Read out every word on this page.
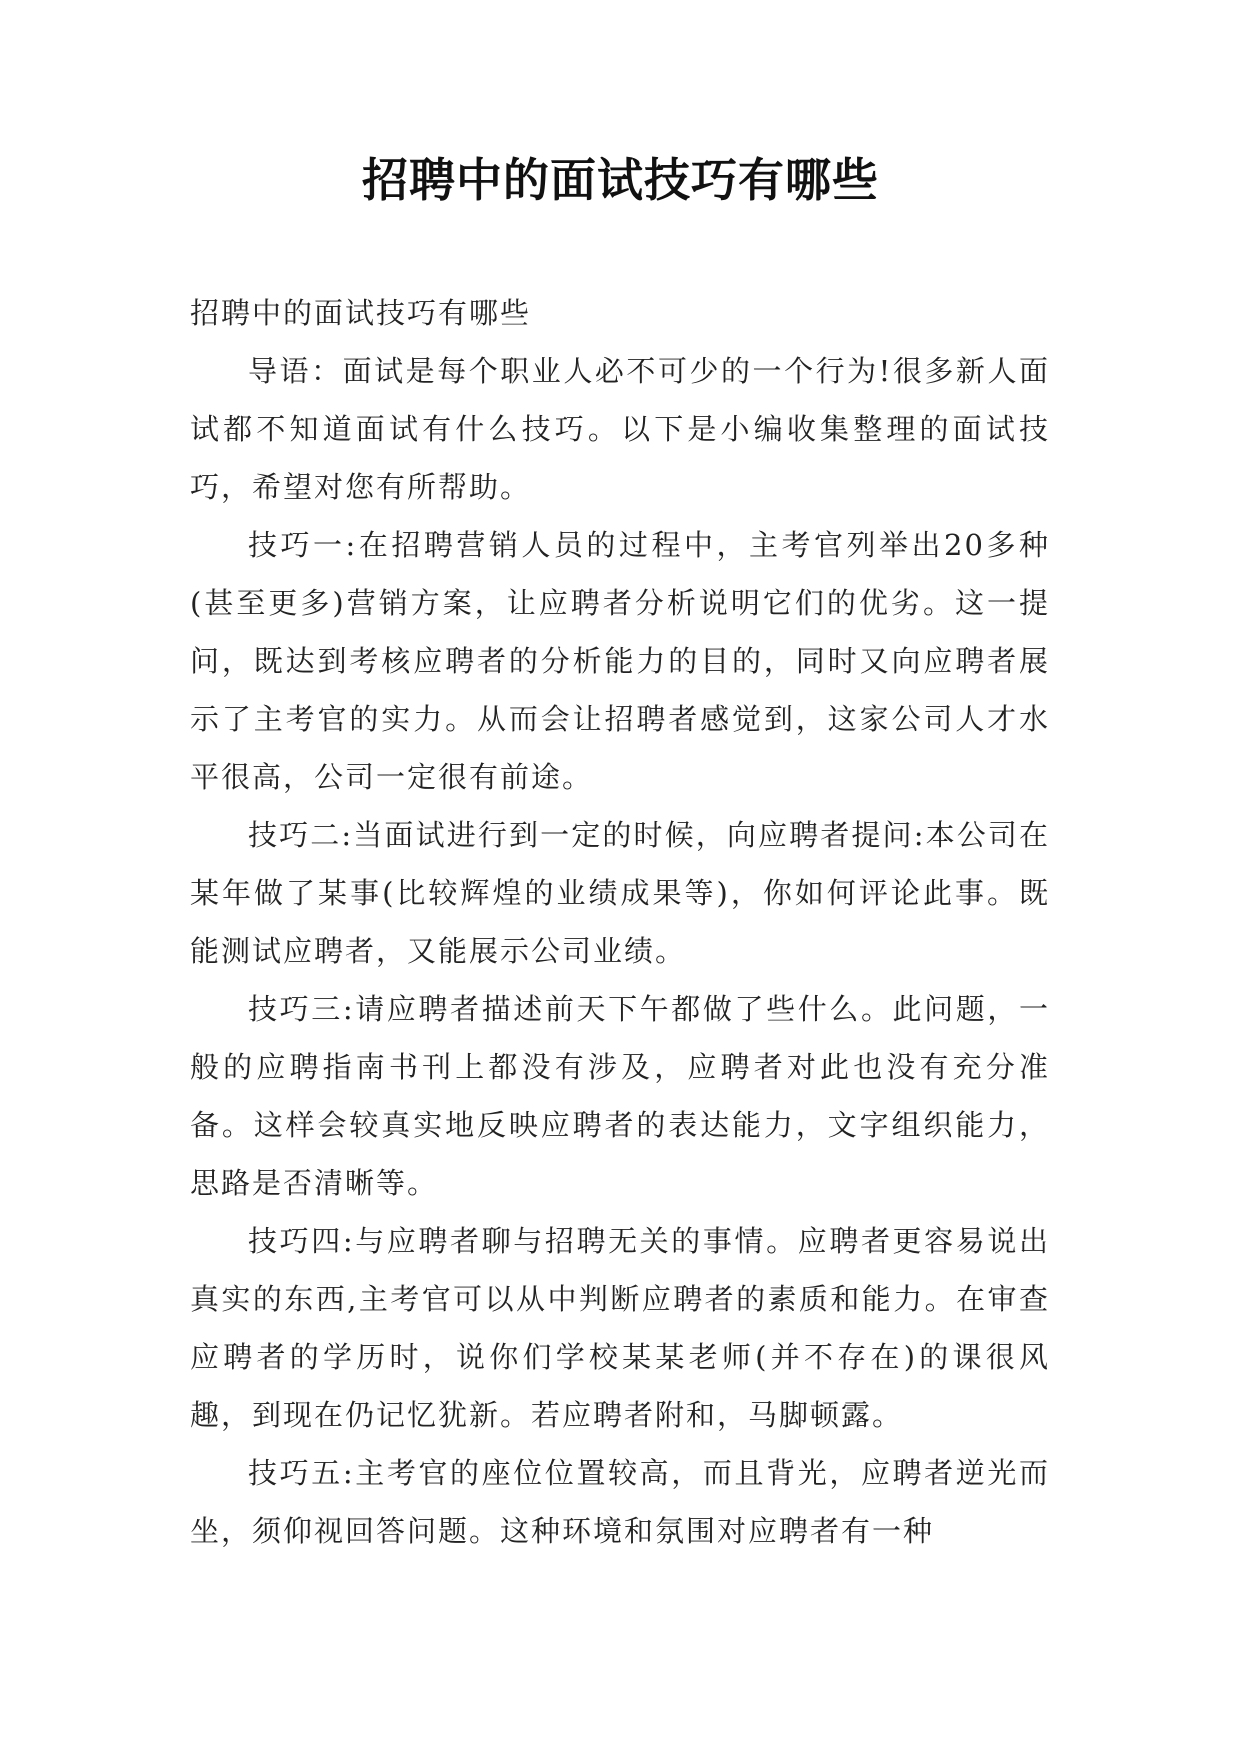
招聘中的面试技巧有哪些

招聘中的面试技巧有哪些

导语：面试是每个职业人必不可少的一个行为!很多新人面试都不知道面试有什么技巧。以下是小编收集整理的面试技巧，希望对您有所帮助。

技巧一:在招聘营销人员的过程中，主考官列举出20多种(甚至更多)营销方案，让应聘者分析说明它们的优劣。这一提问，既达到考核应聘者的分析能力的目的，同时又向应聘者展示了主考官的实力。从而会让招聘者感觉到，这家公司人才水平很高，公司一定很有前途。

技巧二:当面试进行到一定的时候，向应聘者提问:本公司在某年做了某事(比较辉煌的业绩成果等)，你如何评论此事。既能测试应聘者，又能展示公司业绩。

技巧三:请应聘者描述前天下午都做了些什么。此问题，一般的应聘指南书刊上都没有涉及，应聘者对此也没有充分准备。这样会较真实地反映应聘者的表达能力，文字组织能力，思路是否清晰等。

技巧四:与应聘者聊与招聘无关的事情。应聘者更容易说出真实的东西,主考官可以从中判断应聘者的素质和能力。在审查应聘者的学历时，说你们学校某某老师(并不存在)的课很风趣，到现在仍记忆犹新。若应聘者附和，马脚顿露。

技巧五:主考官的座位位置较高，而且背光，应聘者逆光而坐，须仰视回答问题。这种环境和氛围对应聘者有一种
